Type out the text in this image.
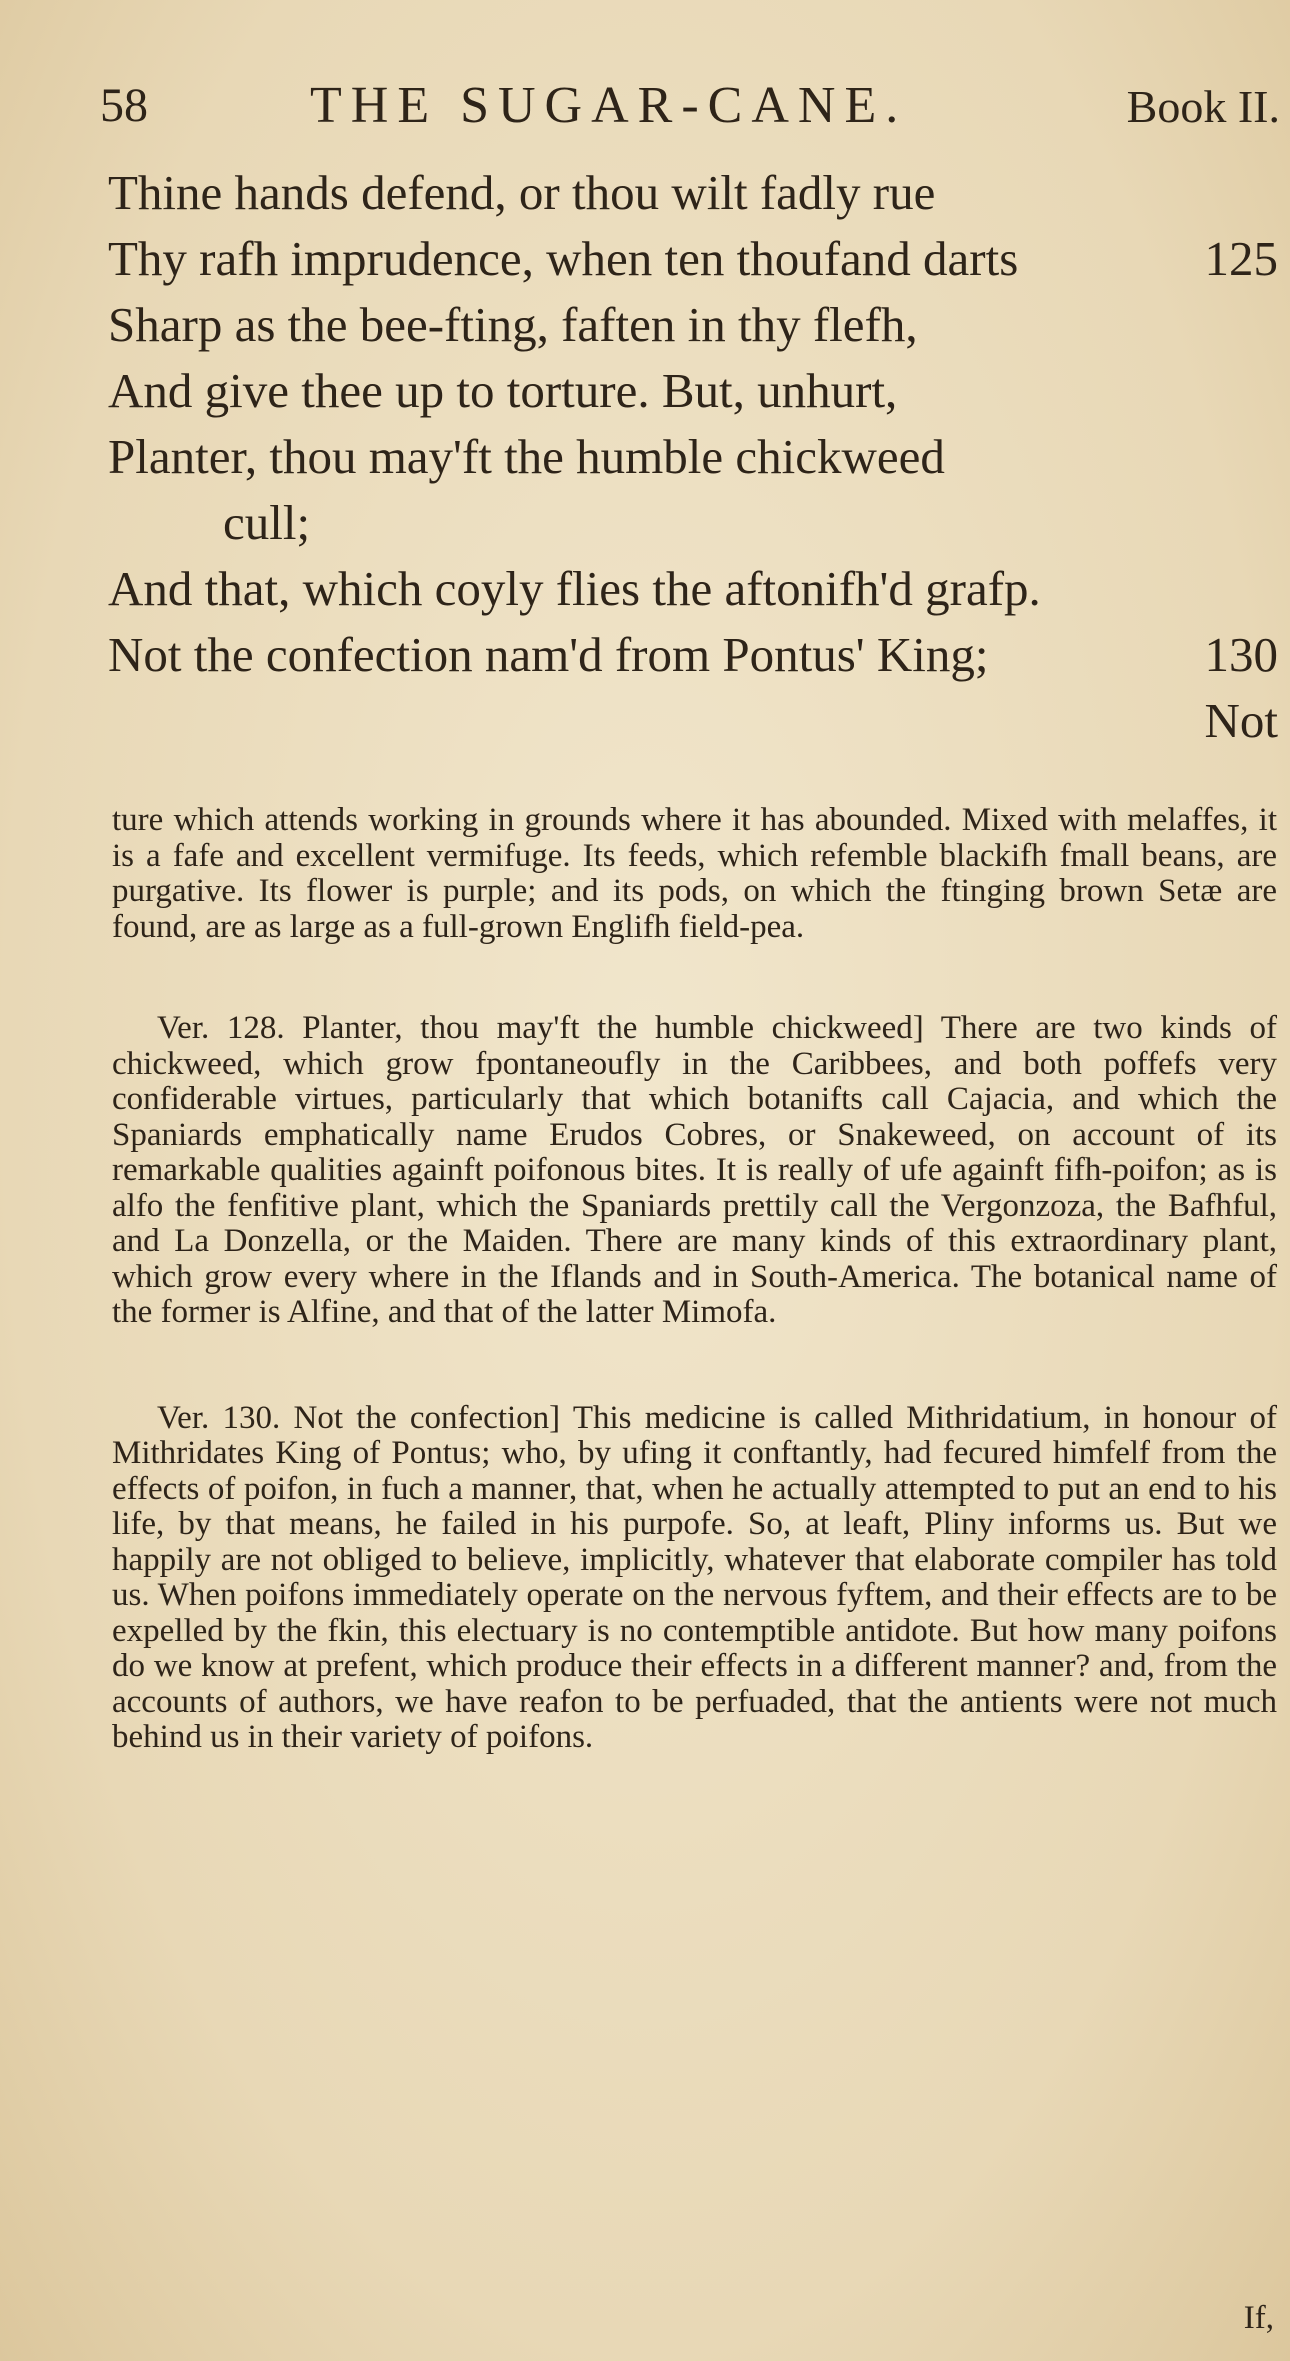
58	THE SUGAR-CANE.	Book II.
Thine hands defend, or thou wilt fadly rue
Thy rafh imprudence, when ten thoufand darts	125
Sharp as the bee-fting, faften in thy flefh,
And give thee up to torture. But, unhurt,
Planter, thou may'ft the humble chickweed
cull;
And that, which coyly flies the aftonifh'd grafp.
Not the confection nam'd from Pontus' King;	130
Not

ture which attends working in grounds where it has abounded. Mixed with melaffes, it is a fafe and excellent vermifuge. Its feeds, which refemble blackifh fmall beans, are purgative. Its flower is purple; and its pods, on which the ftinging brown Setæ are found, are as large as a full-grown Englifh field-pea.

Ver. 128. Planter, thou may'ft the humble chickweed] There are two kinds of chickweed, which grow fpontaneoufly in the Caribbees, and both poffefs very confiderable virtues, particularly that which botanifts call Cajacia, and which the Spaniards emphatically name Erudos Cobres, or Snakeweed, on account of its remarkable qualities againft poifonous bites. It is really of ufe againft fifh-poifon; as is alfo the fenfitive plant, which the Spaniards prettily call the Vergonzoza, the Bafhful, and La Donzella, or the Maiden. There are many kinds of this extraordinary plant, which grow every where in the Iflands and in South-America. The botanical name of the former is Alfine, and that of the latter Mimofa.

Ver. 130. Not the confection] This medicine is called Mithridatium, in honour of Mithridates King of Pontus; who, by ufing it conftantly, had fecured himfelf from the effects of poifon, in fuch a manner, that, when he actually attempted to put an end to his life, by that means, he failed in his purpofe. So, at leaft, Pliny informs us. But we happily are not obliged to believe, implicitly, whatever that elaborate compiler has told us. When poifons immediately operate on the nervous fyftem, and their effects are to be expelled by the fkin, this electuary is no contemptible antidote. But how many poifons do we know at prefent, which produce their effects in a different manner? and, from the accounts of authors, we have reafon to be perfuaded, that the antients were not much behind us in their variety of poifons.

If,
